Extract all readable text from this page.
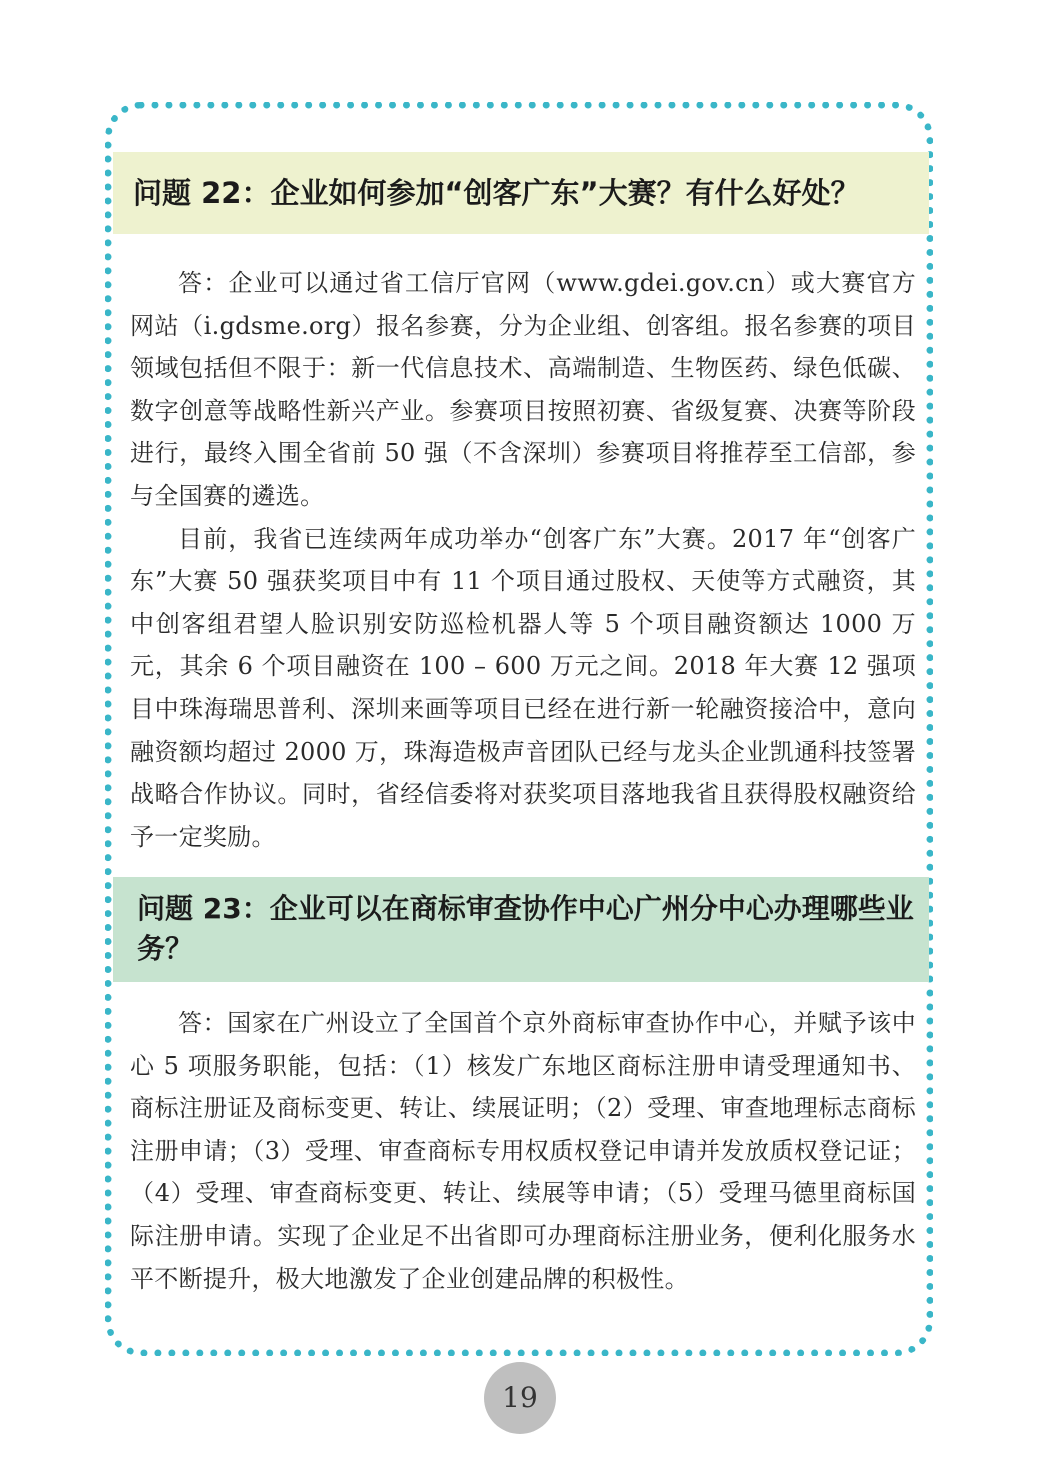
问题 22：企业如何参加“创客广东”大赛？有什么好处？

答：企业可以通过省工信厅官网（www.gdei.gov.cn）或大赛官方网站（i.gdsme.org）报名参赛，分为企业组、创客组。报名参赛的项目领域包括但不限于：新一代信息技术、高端制造、生物医药、绿色低碳、数字创意等战略性新兴产业。参赛项目按照初赛、省级复赛、决赛等阶段进行，最终入围全省前 50 强（不含深圳）参赛项目将推荐至工信部，参与全国赛的遴选。

目前，我省已连续两年成功举办“创客广东”大赛。2017 年“创客广东”大赛 50 强获奖项目中有 11 个项目通过股权、天使等方式融资，其中创客组君望人脸识别安防巡检机器人等 5 个项目融资额达 1000 万元，其余 6 个项目融资在 100 – 600 万元之间。2018 年大赛 12 强项目中珠海瑞思普利、深圳来画等项目已经在进行新一轮融资接洽中，意向融资额均超过 2000 万，珠海造极声音团队已经与龙头企业凯通科技签署战略合作协议。同时，省经信委将对获奖项目落地我省且获得股权融资给予一定奖励。

问题 23：企业可以在商标审查协作中心广州分中心办理哪些业务？

答：国家在广州设立了全国首个京外商标审查协作中心，并赋予该中心 5 项服务职能，包括：（1）核发广东地区商标注册申请受理通知书、商标注册证及商标变更、转让、续展证明；（2）受理、审查地理标志商标注册申请；（3）受理、审查商标专用权质权登记申请并发放质权登记证；（4）受理、审查商标变更、转让、续展等申请；（5）受理马德里商标国际注册申请。实现了企业足不出省即可办理商标注册业务，便利化服务水平不断提升，极大地激发了企业创建品牌的积极性。

19
